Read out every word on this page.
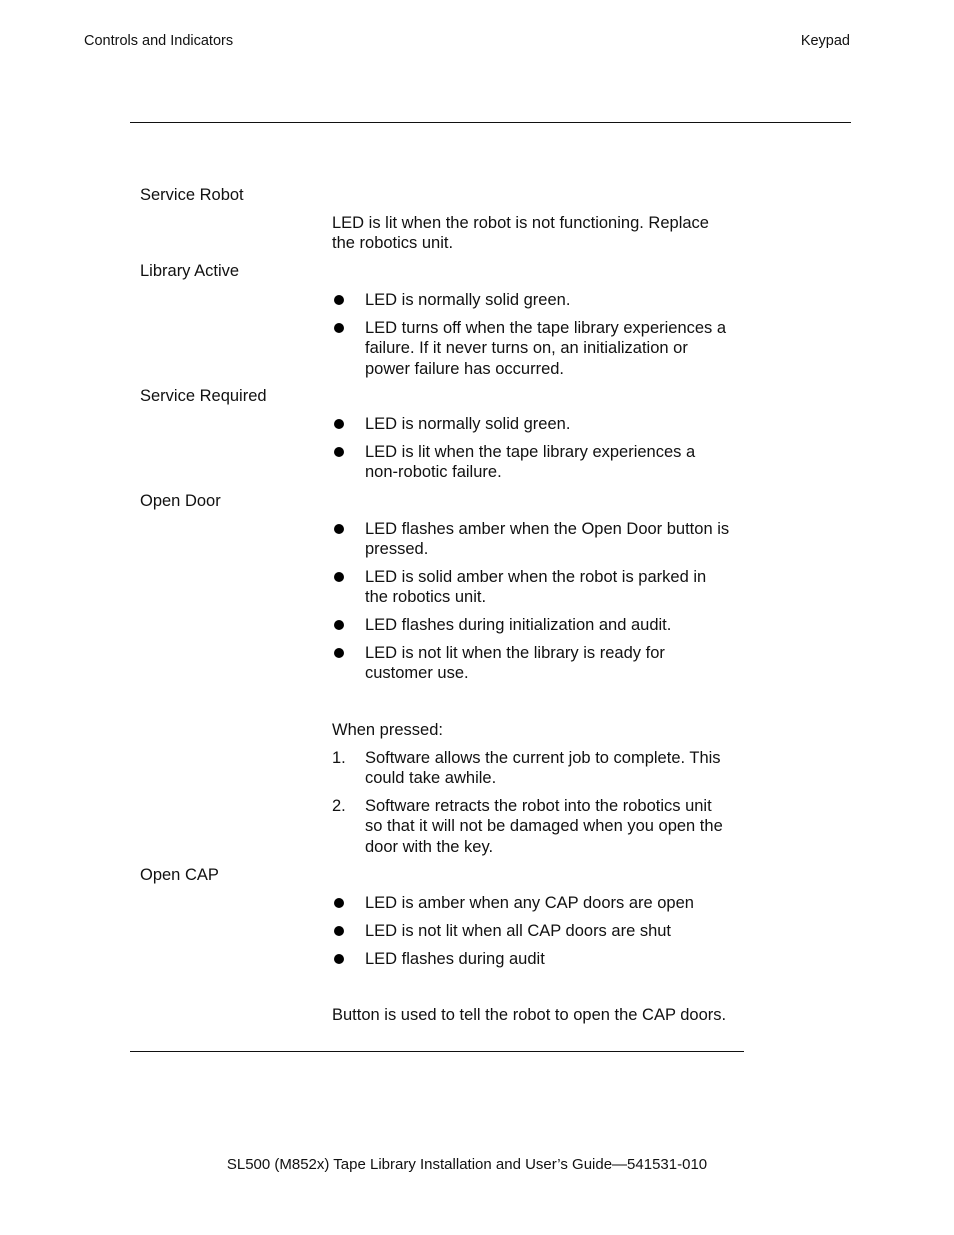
Controls and Indicators	Keypad
Service Robot
LED is lit when the robot is not functioning. Replace the robotics unit.
Library Active
LED is normally solid green.
LED turns off when the tape library experiences a failure. If it never turns on, an initialization or power failure has occurred.
Service Required
LED is normally solid green.
LED is lit when the tape library experiences a non-robotic failure.
Open Door
LED flashes amber when the Open Door button is pressed.
LED is solid amber when the robot is parked in the robotics unit.
LED flashes during initialization and audit.
LED is not lit when the library is ready for customer use.
When pressed:
1. Software allows the current job to complete. This could take awhile.
2. Software retracts the robot into the robotics unit so that it will not be damaged when you open the door with the key.
Open CAP
LED is amber when any CAP doors are open
LED is not lit when all CAP doors are shut
LED flashes during audit
Button is used to tell the robot to open the CAP doors.
SL500 (M852x) Tape Library Installation and User’s Guide—541531-010
